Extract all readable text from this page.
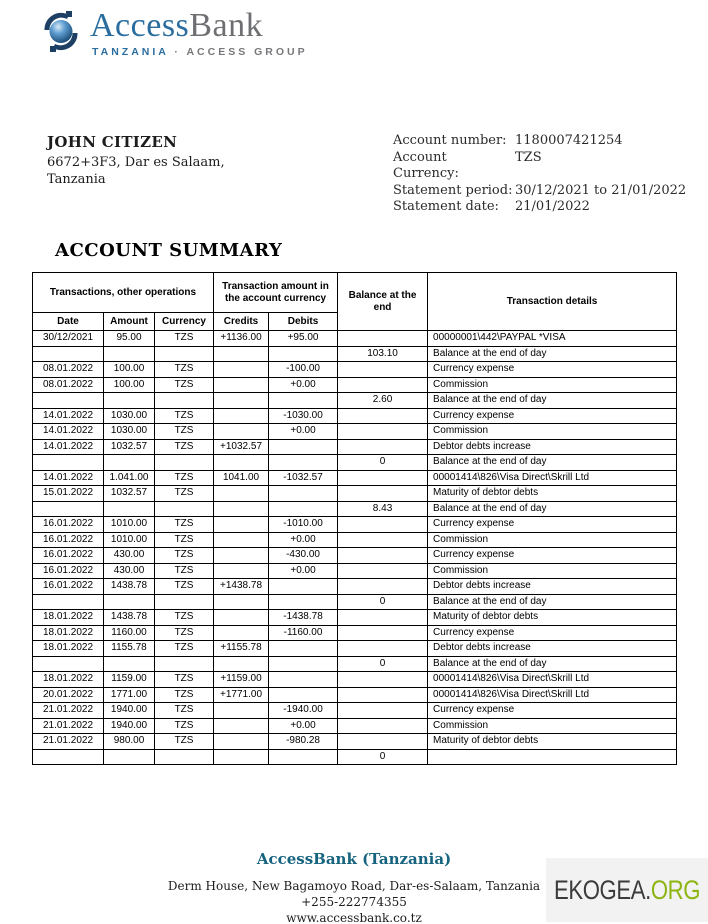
AccessBank
TANZANIA · ACCESS GROUP
JOHN CITIZEN
6672+3F3, Dar es Salaam,
Tanzania
Account number: 1180007421254
Account Currency:
TZS
Statement period: 30/12/2021 to 21/01/2022
Statement date:	21/01/2022
ACCOUNT SUMMARY
Transactions, other operations			Transaction amount in the account currency		Balance at the end	Transaction details
Date	Amount	Currency	Credits	Debits		
30/12/2021	95.00	TZS	+1136.00	+95.00		00000001\442\PAYPAL *VISA
					103.10	Balance at the end of day
08.01.2022	100.00	TZS		-100.00		Currency expense
08.01.2022	100.00	TZS		+0.00		Commission
					2.60	Balance at the end of day
14.01.2022	1030.00	TZS		-1030.00		Currency expense
14.01.2022	1030.00	TZS		+0.00		Commission
14.01.2022	1032.57	TZS	+1032.57			Debtor debts increase
					0	Balance at the end of day
14.01.2022	1.041.00	TZS	1041.00	-1032.57		00001414\826\Visa Direct\Skrill Ltd
15.01.2022	1032.57	TZS				Maturity of debtor debts
					8.43	Balance at the end of day
16.01.2022	1010.00	TZS		-1010.00		Currency expense
16.01.2022	1010.00	TZS		+0.00		Commission
16.01.2022	430.00	TZS		-430.00		Currency expense
16.01.2022	430.00	TZS		+0.00		Commission
16.01.2022	1438.78	TZS	+1438.78			Debtor debts increase
					0	Balance at the end of day
18.01.2022	1438.78	TZS		-1438.78		Maturity of debtor debts
18.01.2022	1160.00	TZS		-1160.00		Currency expense
18.01.2022	1155.78	TZS	+1155.78			Debtor debts increase
					0	Balance at the end of day
18.01.2022	1159.00	TZS	+1159.00			00001414\826\Visa Direct\Skrill Ltd
20.01.2022	1771.00	TZS	+1771.00			00001414\826\Visa Direct\Skrill Ltd
21.01.2022	1940.00	TZS		-1940.00		Currency expense
21.01.2022	1940.00	TZS		+0.00		Commission
21.01.2022	980.00	TZS		-980.28		Maturity of debtor debts
					0	
AccessBank (Tanzania)
Derm House, New Bagamoyo Road, Dar-es-Salaam, Tanzania
+255-222774355
www.accessbank.co.tz
EKOGEA.ORG
